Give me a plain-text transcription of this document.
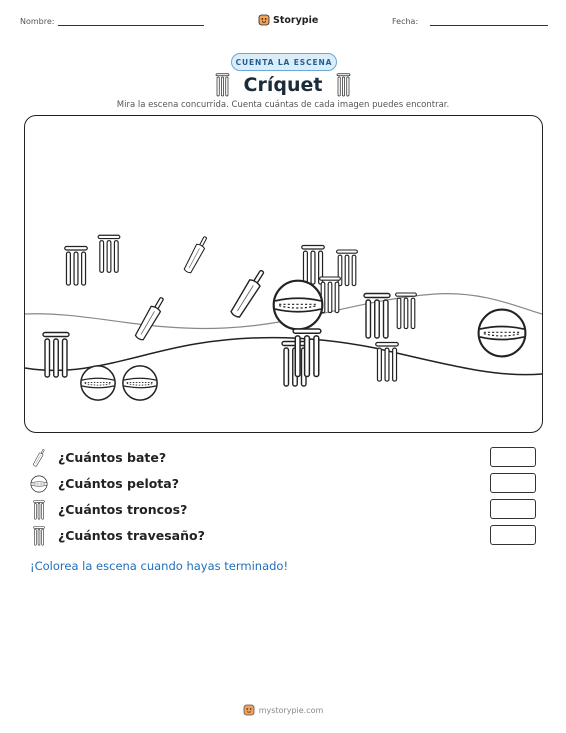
Nombre:	Storypie	Fecha:
CUENTA LA ESCENA
Críquet
Mira la escena concurrida. Cuenta cuántas de cada imagen puedes encontrar.
¿Cuántos bate?
¿Cuántos pelota?
¿Cuántos troncos?
¿Cuántos travesaño?
¡Colorea la escena cuando hayas terminado!
mystorypie.com
